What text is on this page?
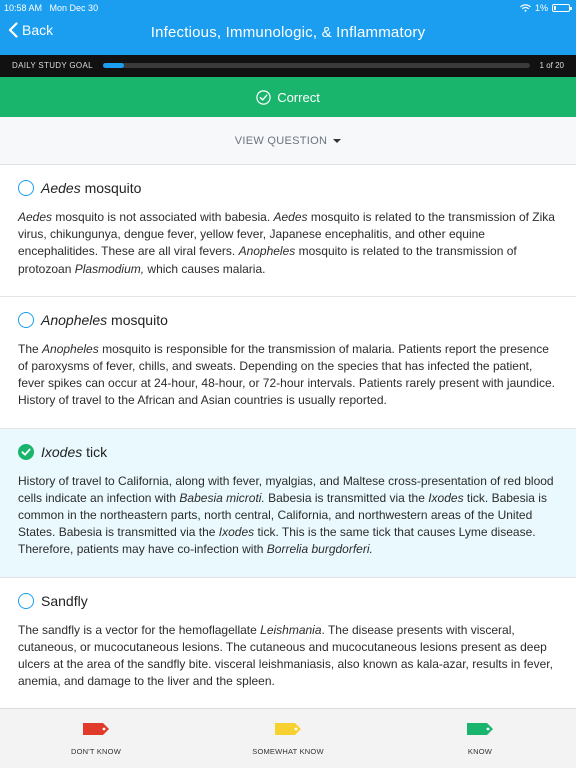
10:58 AM Mon Dec 30	1%
Back	Infectious, Immunologic, & Inflammatory
DAILY STUDY GOAL	1 of 20
Correct
VIEW QUESTION
Aedes mosquito
Aedes mosquito is not associated with babesia. Aedes mosquito is related to the transmission of Zika virus, chikungunya, dengue fever, yellow fever, Japanese encephalitis, and other equine encephalitides. These are all viral fevers. Anopheles mosquito is related to the transmission of protozoan Plasmodium, which causes malaria.
Anopheles mosquito
The Anopheles mosquito is responsible for the transmission of malaria. Patients report the presence of paroxysms of fever, chills, and sweats. Depending on the species that has infected the patient, fever spikes can occur at 24-hour, 48-hour, or 72-hour intervals. Patients rarely present with jaundice. History of travel to the African and Asian countries is usually reported.
Ixodes tick
History of travel to California, along with fever, myalgias, and Maltese cross-presentation of red blood cells indicate an infection with Babesia microti. Babesia is transmitted via the Ixodes tick. Babesia is common in the northeastern parts, north central, California, and northwestern areas of the United States. Babesia is transmitted via the Ixodes tick. This is the same tick that causes Lyme disease. Therefore, patients may have co-infection with Borrelia burgdorferi.
Sandfly
The sandfly is a vector for the hemoflagellate Leishmania. The disease presents with visceral, cutaneous, or mucocutaneous lesions. The cutaneous and mucocutaneous lesions present as deep ulcers at the area of the sandfly bite. visceral leishmaniasis, also known as kala-azar, results in fever, anemia, and damage to the liver and the spleen.
DON'T KNOW	SOMEWHAT KNOW	KNOW
